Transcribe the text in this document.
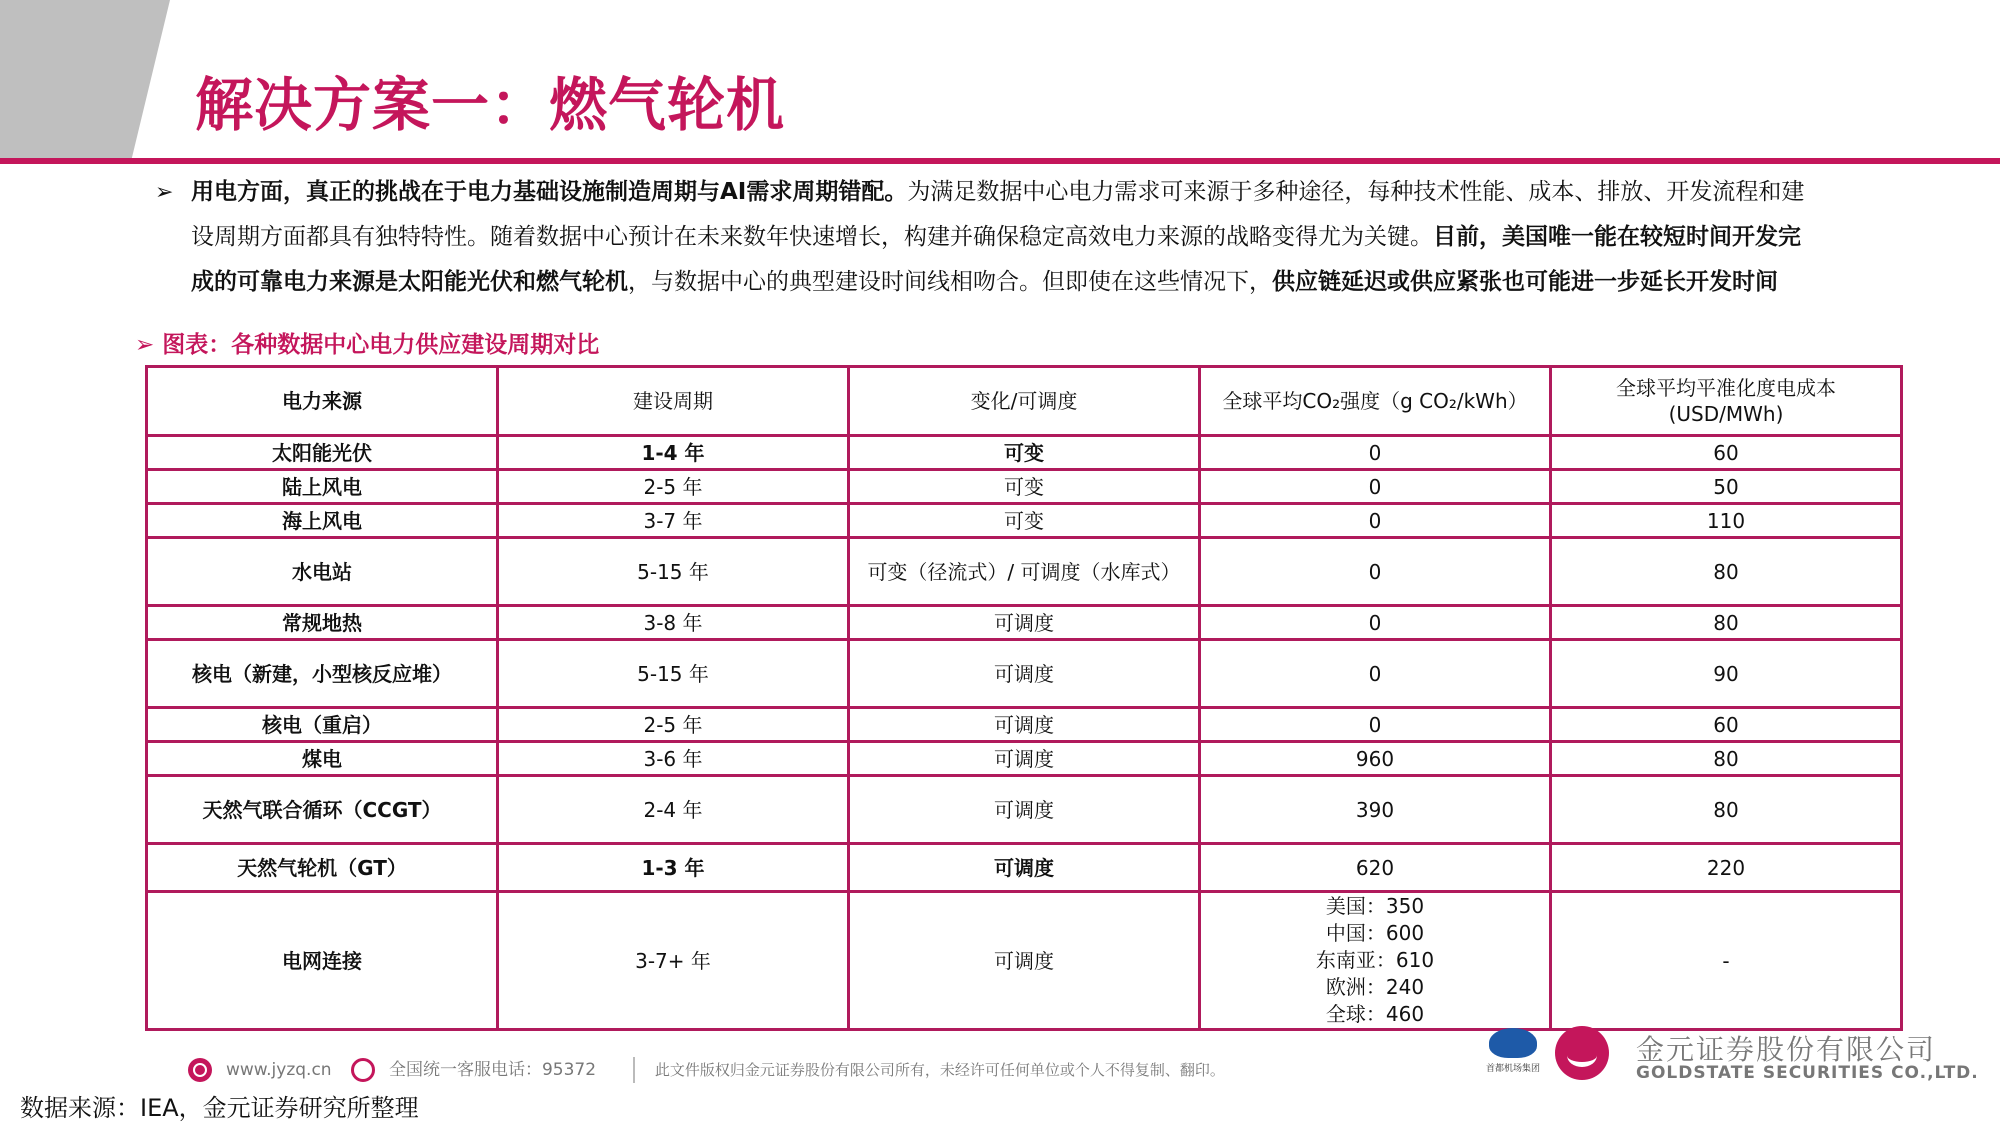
解决方案一：燃气轮机
➢ 用电方面，真正的挑战在于电力基础设施制造周期与AI需求周期错配。为满足数据中心电力需求可来源于多种途径，每种技术性能、成本、排放、开发流程和建
设周期方面都具有独特特性。随着数据中心预计在未来数年快速增长，构建并确保稳定高效电力来源的战略变得尤为关键。目前，美国唯一能在较短时间开发完
成的可靠电力来源是太阳能光伏和燃气轮机，与数据中心的典型建设时间线相吻合。但即使在这些情况下，供应链延迟或供应紧张也可能进一步延长开发时间
➢ 图表：各种数据中心电力供应建设周期对比
电力来源	建设周期	变化/可调度	全球平均CO₂强度（g CO₂/kWh）	全球平均平准化度电成本
(USD/MWh)

太阳能光伏	1-4 年	可变	0	60
陆上风电	2-5 年	可变	0	50
海上风电	3-7 年	可变	0	110
水电站	5-15 年	可变（径流式）/ 可调度（水库式）	0	80
常规地热	3-8 年	可调度	0	80
核电（新建，小型核反应堆）	5-15 年	可调度	0	90
核电（重启）	2-5 年	可调度	0	60
煤电	3-6 年	可调度	960	80
天然气联合循环（CCGT）	2-4 年	可调度	390	80
天然气轮机（GT）	1-3 年	可调度	620	220
电网连接	3-7+ 年	可调度	美国：350
中国：600
东南亚：610
欧洲：240
全球：460	-
www.jyzq.cn	全国统一客服电话：95372	此文件版权归金元证券股份有限公司所有，未经许可任何单位或个人不得复制、翻印。	首都机场集团
金元证券股份有限公司
GOLDSTATE SECURITIES CO.,LTD.
数据来源：IEA，金元证券研究所整理
